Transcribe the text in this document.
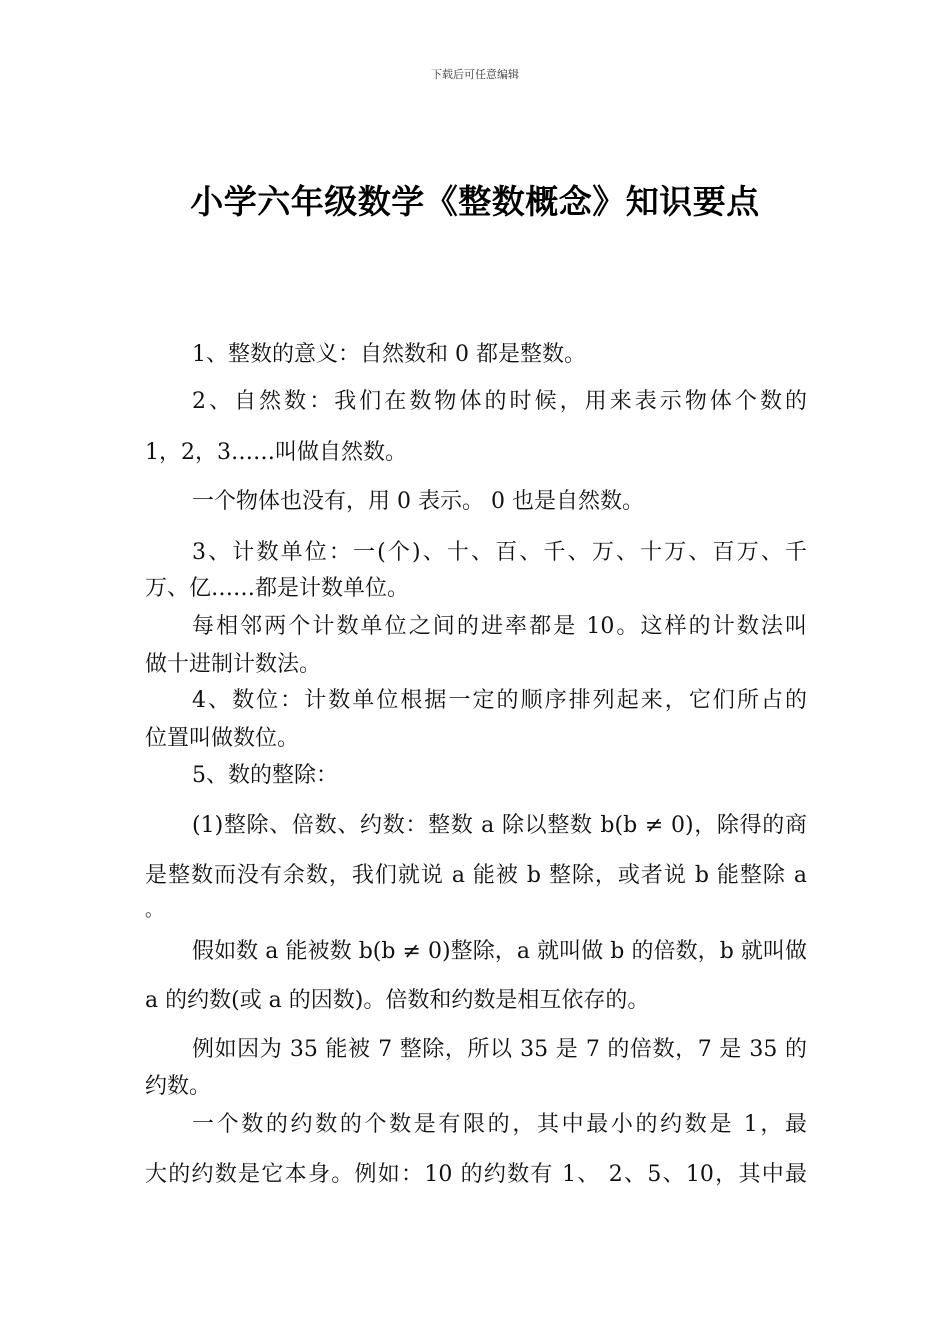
下载后可任意编辑
小学六年级数学《整数概念》知识要点
1、整数的意义：自然数和 0 都是整数。
2、自然数：我们在数物体的时候，用来表示物体个数的
1，2，3……叫做自然数。
一个物体也没有，用 0 表示。 0 也是自然数。
3、计数单位：一(个)、十、百、千、万、十万、百万、千
万、亿……都是计数单位。
每相邻两个计数单位之间的进率都是 10。这样的计数法叫
做十进制计数法。
4、数位：计数单位根据一定的顺序排列起来，它们所占的
位置叫做数位。
5、数的整除：
(1)整除、倍数、约数：整数 a 除以整数 b(b ≠ 0)，除得的商
是整数而没有余数，我们就说 a 能被 b 整除，或者说 b 能整除 a
。
假如数 a 能被数 b(b ≠ 0)整除，a 就叫做 b 的倍数，b 就叫做
a 的约数(或 a 的因数)。倍数和约数是相互依存的。
例如因为 35 能被 7 整除，所以 35 是 7 的倍数，7 是 35 的
约数。
一个数的约数的个数是有限的，其中最小的约数是 1，最
大的约数是它本身。例如：10 的约数有 1、 2、5、10，其中最
